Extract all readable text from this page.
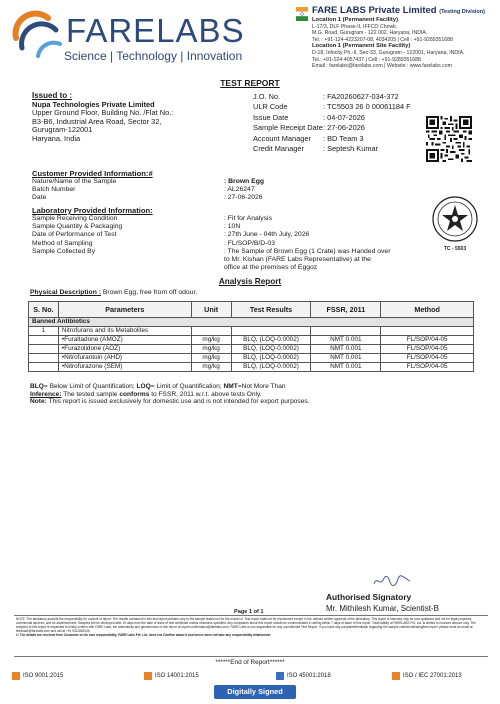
FARELABS
Science | Technology | Innovation
FARE LABS Private Limited (Testing Division)
Location 1 (Permanent Facility)
L-17/3, DLF Phase-II, IFFCO Chowk,
M.G. Road, Gurugram - 122 002, Haryana, INDIA.
Tel. : +91-124-4223207-08, 4034205 | Cell : +91-9289351688
Location 1 (Permanent Site Facility)
D-18, Infocity Ph.-II, Sec-33, Gurugram - 122001, Haryana, INDIA.
Tel.: +91-124-4057437 | Cell : +91-9289351688
Email : farelabs@farelabs.com | Website : www.farelabs.com
TEST REPORT
Issued to :
Nupa Technologies Private Limited
Upper Ground Floor, Building No. /Flat No.:
B3-B6, Industrial Area Road, Sector 32,
Gurugram-122001
Haryana, India
J.O. No.	: FA20260627-034-372
ULR Code	: TC5503 26 0 00061184 F
Issue Date	: 04-07-2026
Sample Receipt Date : 27-06-2026
Account Manager	: BD Team 3
Credit Manager	: Septesh Kumar
Customer Provided Information:#
Nature/Name of the Sample	: Brown Egg
Batch Number	: AL26247
Date	: 27-06-2026
Laboratory Provided Information:
Sample Receiving Condition	: Fit for Analysis
Sample Quantity & Packaging	: 10N
Date of Performance of Test	: 27th June - 04th July, 2026
Method of Sampling	: FL/SOP/B/D-03
Sample Collected By	: The Sample of Brown Egg (1 Crate) was Handed over
to Mr. Kishan (FARE Labs Representative) at the
office at the premises of Eggoz
TC - 5503
Analysis Report
Physical Description : Brown Egg, free from off odour.
S. No.	Parameters	Unit	Test Results	FSSR, 2011	Method
Banned Antibiotics					
1	Nitrofurans and its Metabolites				
	• Furaltadone (AMOZ)	mg/kg	BLQ, (LOQ-0.0002)	NMT 0.001	FL/SOP/04-05
	• Furazolidone (AOZ)	mg/kg	BLQ, (LOQ-0.0002)	NMT 0.001	FL/SOP/04-05
	• Nitrofurantoin (AHD)	mg/kg	BLQ, (LOQ-0.0002)	NMT 0.001	FL/SOP/04-05
	• Nitrofurazone (SEM)	mg/kg	BLQ, (LOQ-0.0002)	NMT 0.001	FL/SOP/04-05
BLQ= Below Limit of Quantification; LOQ= Limit of Quantification; NMT=Not More Than
Inference: The tested sample conforms to FSSR, 2011 w.r.t. above tests Only.
Note: This report is issued exclusively for domestic use and is not intended for export purposes.
Authorised Signatory
Mr. Mithilesh Kumar, Scientist-B
Page 1 of 1
NOTE: The laboratory accepts the responsibility for content of report. The results contained in this test report pertains only to the sample tested not for the whole lot. Test report shall not be reproduced except in full, without written approval of the laboratory. This report is intended only for your guidance and not for legal purposes, commercial decrees, and for advertisement. Samples will be destroyed after 15 days from the date of issue of test certificate unless otherwise specified. Any complaints about this report should be communicated in writing within 7 days of issue of this report. Total liability of FARELABS Pvt. Ltd. is limited to invoiced amount only. The recipient of this report is requested to kindly confirm with FARE Labs, the authenticity and genuineness of this report at report.confirmation@farelabs.com. FARE Labs is not responsible for any unconfirmed Test Report. If you have any complaint/feedback regarding the sample collection/testing/test report, please send an email at feedback@farelabs.com and call at +91 9312869135
#: The details are received from Customer on its own responsibility; FARE Labs Pvt. Ltd. does not Confirm about it and hence does not take any responsibility whatsoever.
******End of Report******
ISO 9001:2015	ISO 14001:2015	ISO 45001:2018	ISO / IEC 27001:2013
Digitally Signed
